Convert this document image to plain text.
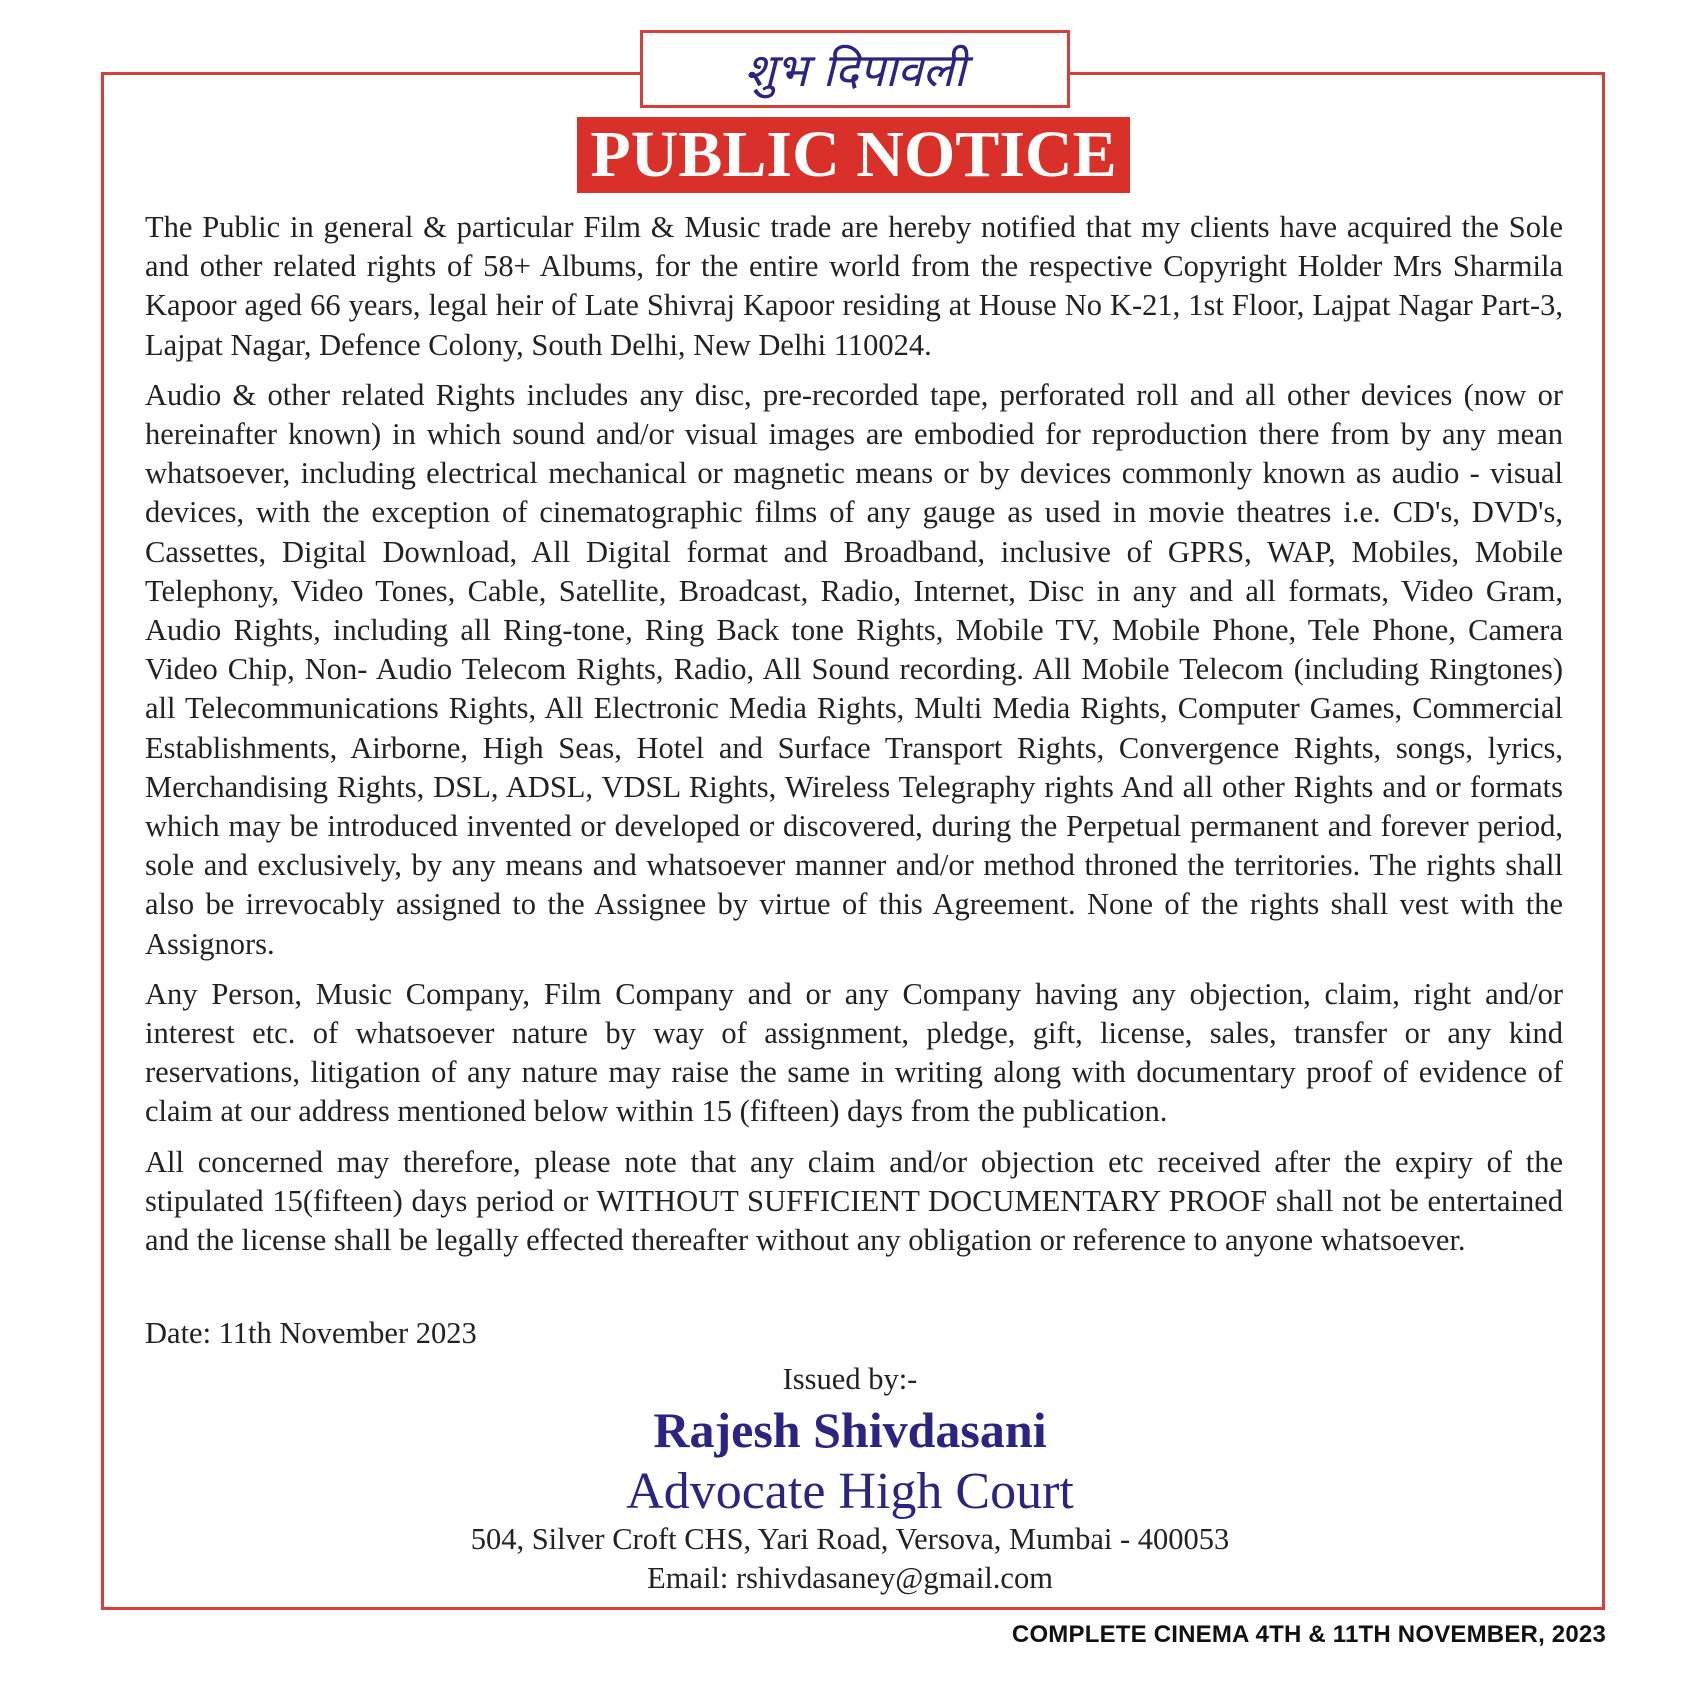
शुभ दिपावली
PUBLIC NOTICE

The Public in general & particular Film & Music trade are hereby notified that my clients have acquired the Sole and other related rights of 58+ Albums, for the entire world from the respective Copyright Holder Mrs Sharmila Kapoor aged 66 years, legal heir of Late Shivraj Kapoor residing at House No K-21, 1st Floor, Lajpat Nagar Part-3, Lajpat Nagar, Defence Colony, South Delhi, New Delhi 110024.

Audio & other related Rights includes any disc, pre-recorded tape, perforated roll and all other devices (now or hereinafter known) in which sound and/or visual images are embodied for reproduction there from by any mean whatsoever, including electrical mechanical or magnetic means or by devices commonly known as audio - visual devices, with the exception of cinematographic films of any gauge as used in movie theatres i.e. CD's, DVD's, Cassettes, Digital Download, All Digital format and Broadband, inclusive of GPRS, WAP, Mobiles, Mobile Telephony, Video Tones, Cable, Satellite, Broadcast, Radio, Internet, Disc in any and all formats, Video Gram, Audio Rights, including all Ring-tone, Ring Back tone Rights, Mobile TV, Mobile Phone, Tele Phone, Camera Video Chip, Non- Audio Telecom Rights, Radio, All Sound recording. All Mobile Telecom (including Ringtones) all Telecommunications Rights, All Electronic Media Rights, Multi Media Rights, Computer Games, Commercial Establishments, Airborne, High Seas, Hotel and Surface Transport Rights, Convergence Rights, songs, lyrics, Merchandising Rights, DSL, ADSL, VDSL Rights, Wireless Telegraphy rights And all other Rights and or formats which may be introduced invented or developed or discovered, during the Perpetual permanent and forever period, sole and exclusively, by any means and whatsoever manner and/or method throned the territories. The rights shall also be irrevocably assigned to the Assignee by virtue of this Agreement. None of the rights shall vest with the Assignors.

Any Person, Music Company, Film Company and or any Company having any objection, claim, right and/or interest etc. of whatsoever nature by way of assignment, pledge, gift, license, sales, transfer or any kind reservations, litigation of any nature may raise the same in writing along with documentary proof of evidence of claim at our address mentioned below within 15 (fifteen) days from the publication.

All concerned may therefore, please note that any claim and/or objection etc received after the expiry of the stipulated 15(fifteen) days period or WITHOUT SUFFICIENT DOCUMENTARY PROOF shall not be entertained and the license shall be legally effected thereafter without any obligation or reference to anyone whatsoever.

Date: 11th November 2023
Issued by:-
Rajesh Shivdasani
Advocate High Court
504, Silver Croft CHS, Yari Road, Versova, Mumbai - 400053
Email: rshivdasaney@gmail.com
COMPLETE CINEMA 4TH & 11TH NOVEMBER, 2023
